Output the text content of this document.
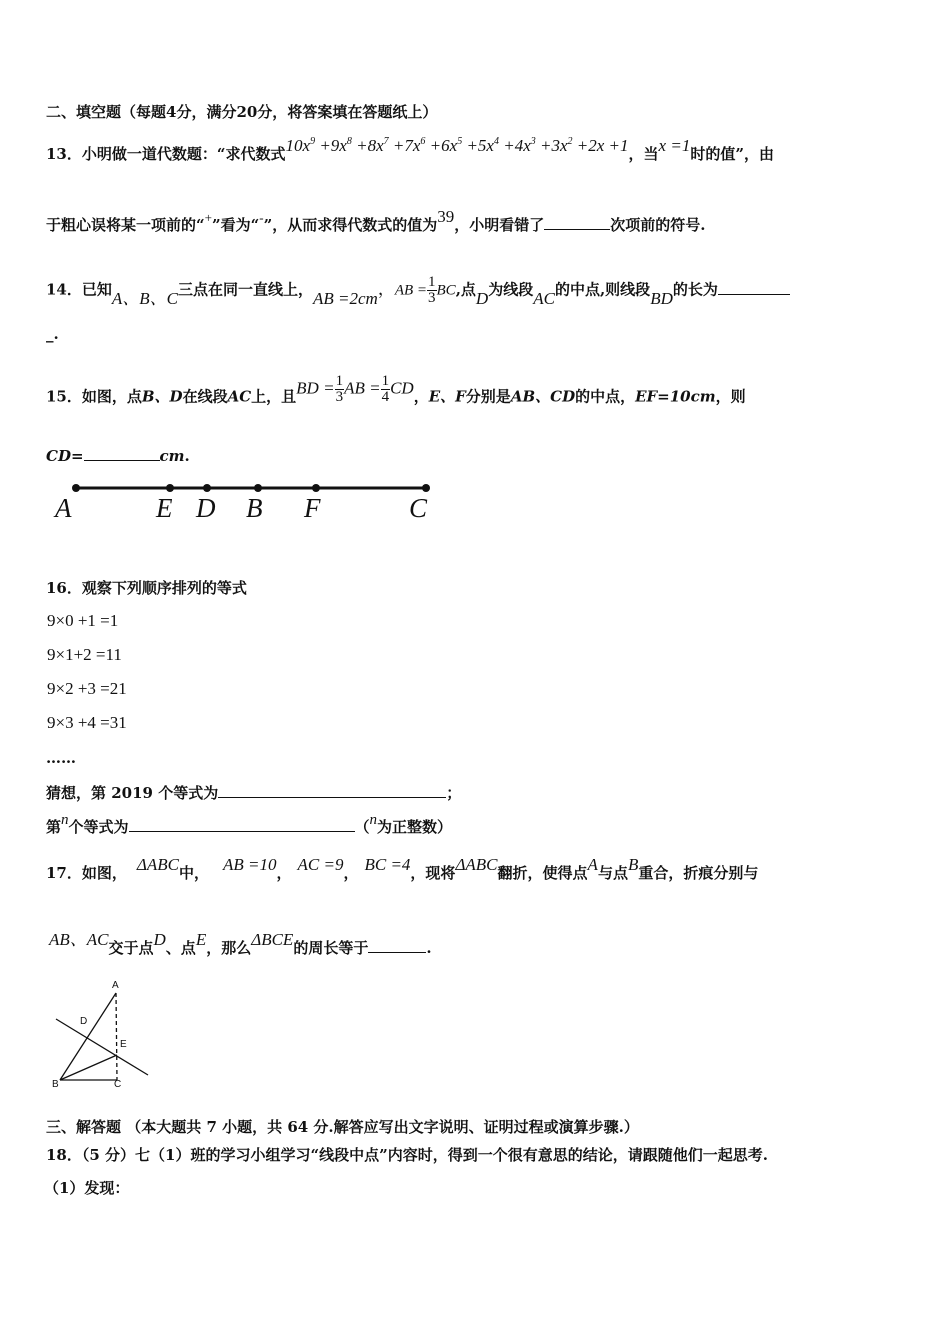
二、填空题（每题4分，满分20分，将答案填在答题纸上）
13．小明做一道代数题：“求代数式$10x^9 +9x^8 +8x^7 +7x^6 +6x^5 +5x^4 +4x^3 +3x^2 +2x +1$，当x =1时的值”，由
于粗心误将某一项前的“+”看为“-”，从而求得代数式的值为39，小明看错了	次项前的符号.
14．已知A、B、C三点在同一直线上，AB =2cm，AB = $\frac{1}{3}$ BC,点D为线段AC的中点,则线段BD的长为
_.
15．如图，点B、D在线段AC上，且BD = $\frac{1}{3}$ AB = $\frac{1}{4}$ CD，E、F分别是AB、CD的中点，EF=10cm，则
CD=	cm.
A	E D B F	C
16．观察下列顺序排列的等式
9×0 +1 =1
9×1+2 =11
9×2 +3 =21
9×3 +4 =31
……
猜想，第 2019 个等式为	；
第n个等式为	（n为正整数）
17．如图， ΔABC中， AB =10， AC =9， BC =4，现将ΔABC翻折，使得点A与点B重合，折痕分别与
AB、AC交于点D、点E，那么ΔBCE的周长等于	.
A
D
E
B	C
三、解答题 （本大题共 7 小题，共 64 分.解答应写出文字说明、证明过程或演算步骤.）
18．（5 分）七（1）班的学习小组学习“线段中点”内容时，得到一个很有意思的结论，请跟随他们一起思考.
（1）发现：
